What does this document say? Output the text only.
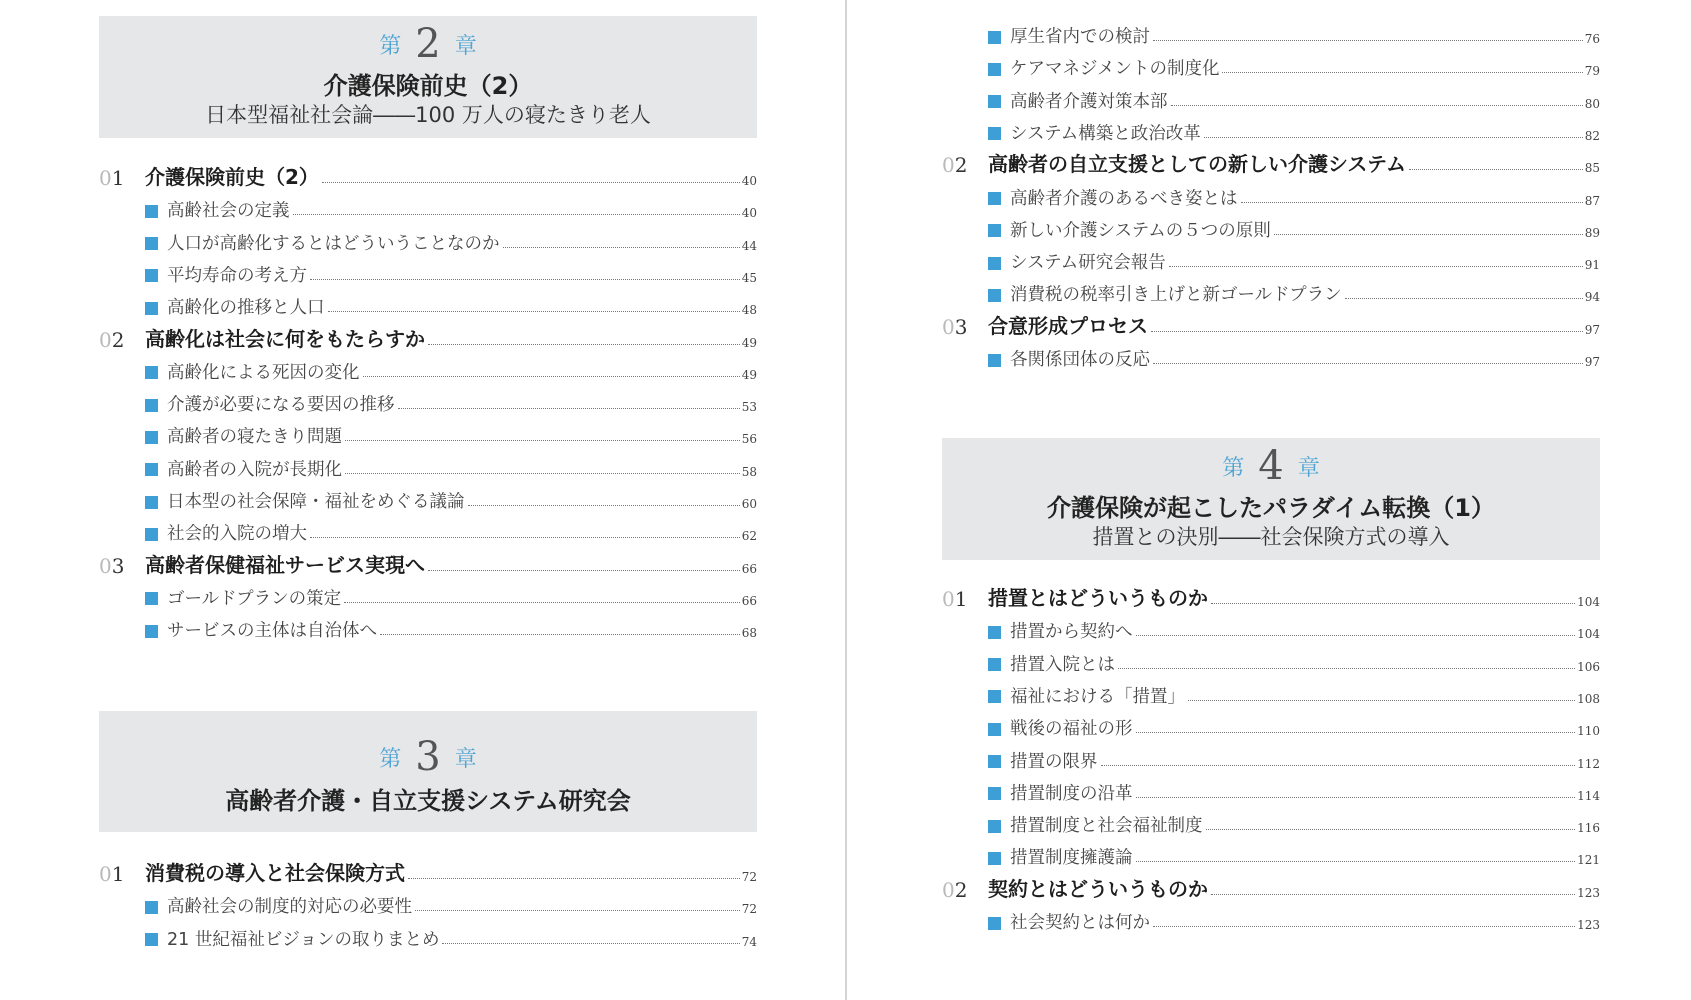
第 2 章
介護保険前史（2）
日本型福祉社会論――100 万人の寝たきり老人
01	介護保険前史（2）	40
高齢社会の定義	40
人口が高齢化するとはどういうことなのか	44
平均寿命の考え方	45
高齢化の推移と人口	48
02	高齢化は社会に何をもたらすか	49
高齢化による死因の変化	49
介護が必要になる要因の推移	53
高齢者の寝たきり問題	56
高齢者の入院が長期化	58
日本型の社会保障・福祉をめぐる議論	60
社会的入院の増大	62
03	高齢者保健福祉サービス実現へ	66
ゴールドプランの策定	66
サービスの主体は自治体へ	68
第 3 章
高齢者介護・自立支援システム研究会
01	消費税の導入と社会保険方式	72
高齢社会の制度的対応の必要性	72
21 世紀福祉ビジョンの取りまとめ	74
厚生省内での検討	76
ケアマネジメントの制度化	79
高齢者介護対策本部	80
システム構築と政治改革	82
02	高齢者の自立支援としての新しい介護システム	85
高齢者介護のあるべき姿とは	87
新しい介護システムの５つの原則	89
システム研究会報告	91
消費税の税率引き上げと新ゴールドプラン	94
03	合意形成プロセス	97
各関係団体の反応	97
第 4 章
介護保険が起こしたパラダイム転換（1）
措置との決別――社会保険方式の導入
01	措置とはどういうものか	104
措置から契約へ	104
措置入院とは	106
福祉における「措置」	108
戦後の福祉の形	110
措置の限界	112
措置制度の沿革	114
措置制度と社会福祉制度	116
措置制度擁護論	121
02	契約とはどういうものか	123
社会契約とは何か	123
